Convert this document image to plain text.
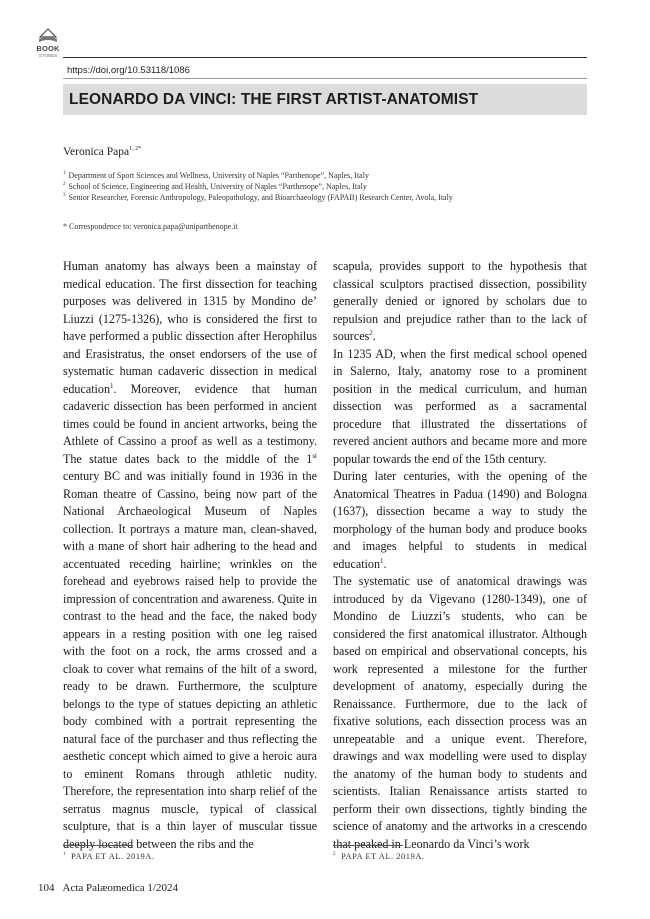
BOOK
STONES
https://doi.org/10.53118/1086
LEONARDO DA VINCI: THE FIRST ARTIST-ANATOMIST
Veronica Papa$^{1, 2*}$
$^1$ Department of Sport Sciences and Wellness, University of Naples “Parthenope”, Naples, Italy
$^2$ School of Science, Engineering and Health, University of Naples “Parthenope”, Naples, Italy
$^3$ Senior Researcher, Forensic Anthropology, Paleopathology, and Bioarchaeology (FAPAB) Research Center, Avola, Italy
* Correspondence to: veronica.papa@uniparthenope.it

Human anatomy has always been a mainstay of medical education. The first dissection for teaching purposes was delivered in 1315 by Mondino de’ Liuzzi (1275-1326), who is considered the first to have performed a public dissection after Herophilus and Erasistratus, the onset endorsers of the use of systematic human cadaveric dissection in medical education$^1$. Moreover, evidence that human cadaveric dissection has been performed in ancient times could be found in ancient artworks, being the Athlete of Cassino a proof as well as a testimony. The statue dates back to the middle of the 1st century BC and was initially found in 1936 in the Roman theatre of Cassino, being now part of the National Archaeological Museum of Naples collection. It portrays a mature man, clean-shaved, with a mane of short hair adhering to the head and accentuated receding hairline; wrinkles on the forehead and eyebrows raised help to provide the impression of concentration and awareness. Quite in contrast to the head and the face, the naked body appears in a resting position with one leg raised with the foot on a rock, the arms crossed and a cloak to cover what remains of the hilt of a sword, ready to be drawn. Furthermore, the sculpture belongs to the type of statues depicting an athletic body combined with a portrait representing the natural face of the purchaser and thus reflecting the aesthetic concept which aimed to give a heroic aura to eminent Romans through athletic nudity. Therefore, the representation into sharp relief of the serratus magnus muscle, typical of classical sculpture, that is a thin layer of muscular tissue deeply located between the ribs and the

scapula, provides support to the hypothesis that classical sculptors practised dissection, possibility generally denied or ignored by scholars due to repulsion and prejudice rather than to the lack of sources$^2$.

In 1235 AD, when the first medical school opened in Salerno, Italy, anatomy rose to a prominent position in the medical curriculum, and human dissection was performed as a sacramental procedure that illustrated the dissertations of revered ancient authors and became more and more popular towards the end of the 15th century.

During later centuries, with the opening of the Anatomical Theatres in Padua (1490) and Bologna (1637), dissection became a way to study the morphology of the human body and produce books and images helpful to students in medical education$^1$.

The systematic use of anatomical drawings was introduced by da Vigevano (1280-1349), one of Mondino de Liuzzi’s students, who can be considered the first anatomical illustrator. Although based on empirical and observational concepts, his work represented a milestone for the further development of anatomy, especially during the Renaissance. Furthermore, due to the lack of fixative solutions, each dissection process was an unrepeatable and a unique event. Therefore, drawings and wax modelling were used to display the anatomy of the human body to students and scientists. Italian Renaissance artists started to perform their own dissections, tightly binding the science of anatomy and the artworks in a crescendo that peaked in Leonardo da Vinci’s work

$^1$ PAPA ET AL. 2019A.	$^2$ PAPA ET AL. 2019A.
104 Acta Palæomedica 1/2024
